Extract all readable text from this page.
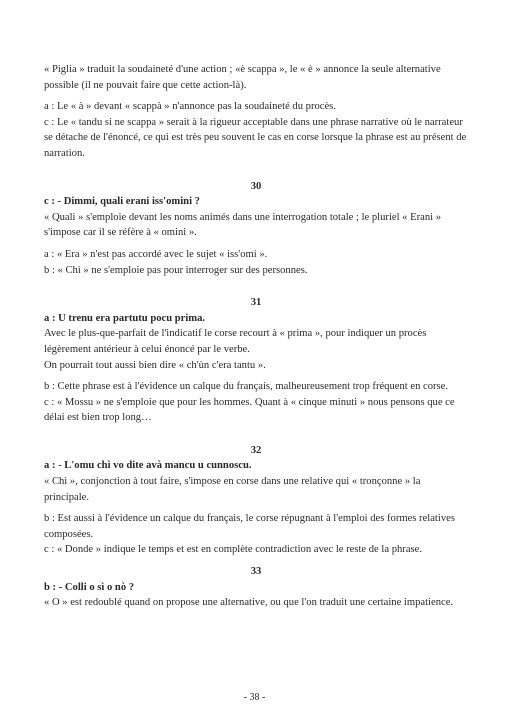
« Piglia » traduit la soudaineté d'une action ; «è scappa », le « è » annonce la seule alternative possible (il ne pouvait faire que cette action-là).

a : Le « à » devant « scappà » n'annonce pas la soudaineté du procès.

c : Le « tandu si ne scappa » serait à la rigueur acceptable dans une phrase narrative où le narrateur se détache de l'énoncé, ce qui est très peu souvent le cas en corse lorsque la phrase est au présent de narration.

30

c : - Dimmi, quali erani iss'omini ?

« Quali » s'emploie devant les noms animés dans une interrogation totale ; le pluriel « Erani » s'impose car il se réfère à « omini ».

a : « Era » n'est pas accordé avec le sujet « iss'omi ».

b : « Chì » ne s'emploie pas pour interroger sur des personnes.

31

a : U trenu era partutu pocu prima.

Avec le plus-que-parfait de l'indicatif le corse recourt à « prima », pour indiquer un procès légèrement antérieur à celui énoncé par le verbe.

On pourrait tout aussi bien dire « ch'ùn c'era tantu ».

b : Cette phrase est à l'évidence un calque du français, malheureusement trop fréquent en corse.

c : « Mossu » ne s'emploie que pour les hommes. Quant à « cinque minuti » nous pensons que ce délai est bien trop long…

32

a : - L'omu chì vo dite avà mancu u cunnoscu.

« Chì », conjonction à tout faire, s'impose en corse dans une relative qui « tronçonne » la principale.

b : Est aussi à l'évidence un calque du français, le corse répugnant à l'emploi des formes relatives composées.

c : « Donde » indique le temps et est en complète contradiction avec le reste de la phrase.

33

b : - Colli o sì o nò ?

« O » est redoublé quand on propose une alternative, ou que l'on traduit une certaine impatience.

- 38 -
